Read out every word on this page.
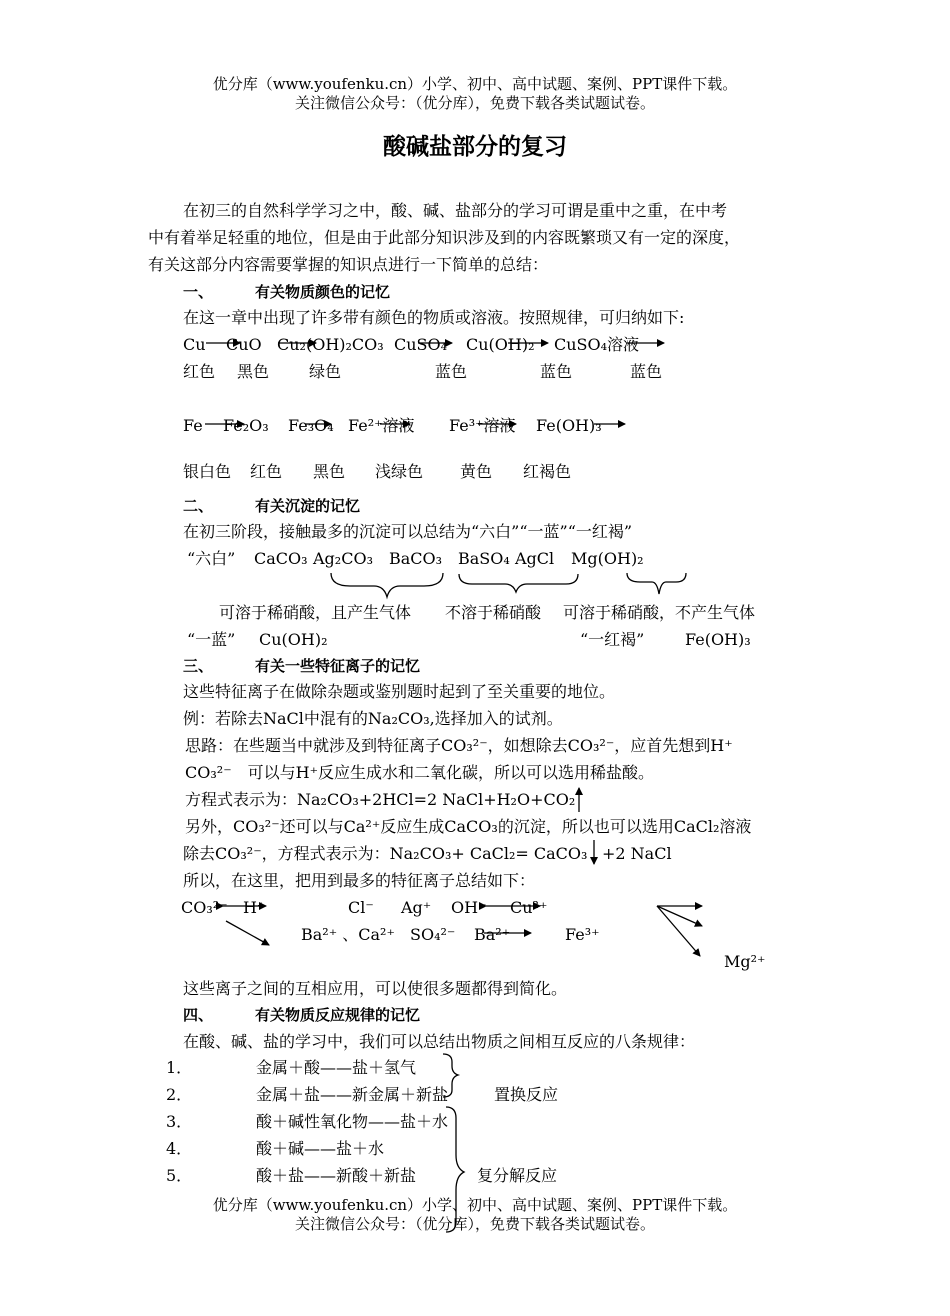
优分库（www.youfenku.cn）小学、初中、高中试题、案例、PPT课件下载。
关注微信公众号：（优分库），免费下载各类试题试卷。
酸碱盐部分的复习
在初三的自然科学学习之中，酸、碱、盐部分的学习可谓是重中之重，在中考
中有着举足轻重的地位，但是由于此部分知识涉及到的内容既繁琐又有一定的深度，
有关这部分内容需要掌握的知识点进行一下简单的总结：
一、	有关物质颜色的记忆
在这一章中出现了许多带有颜色的物质或溶液。按照规律，可归纳如下:
Cu CuO Cu₂(OH)₂CO₃ CuSO₄ Cu(OH)₂ CuSO₄溶液
红色 黑色 绿色	蓝色	蓝色	蓝色
Fe Fe₂O₃ Fe₃O₄ Fe²⁺溶液 Fe³⁺溶液 Fe(OH)₃
银白色 红色 黑色 浅绿色 黄色 红褐色
二、	有关沉淀的记忆
在初三阶段，接触最多的沉淀可以总结为“六白”“一蓝”“一红褐”
“六白” CaCO₃ Ag₂CO₃ BaCO₃ BaSO₄ AgCl Mg(OH)₂
可溶于稀硝酸，且产生气体 不溶于稀硝酸 可溶于稀硝酸，不产生气体
“一蓝” Cu(OH)₂	“一红褐”	Fe(OH)₃
三、	有关一些特征离子的记忆
这些特征离子在做除杂题或鉴别题时起到了至关重要的地位。
例：若除去NaCl中混有的Na₂CO₃,选择加入的试剂。
思路：在些题当中就涉及到特征离子CO₃²⁻，如想除去CO₃²⁻，应首先想到H⁺
CO₃²⁻　可以与H⁺反应生成水和二氧化碳，所以可以选用稀盐酸。
方程式表示为：Na₂CO₃+2HCl=2 NaCl+H₂O+CO₂
另外，CO₃²⁻还可以与Ca²⁺反应生成CaCO₃的沉淀，所以也可以选用CaCl₂溶液
除去CO₃²⁻，方程式表示为：Na₂CO₃+ CaCl₂= CaCO₃ +2 NaCl
所以，在这里，把用到最多的特征离子总结如下：
CO₃²⁻ H⁺	Cl⁻ Ag⁺ OH⁻ Cu²⁺
Ba²⁺ 、Ca²⁺ SO₄²⁻ Ba²⁺	Fe³⁺
Mg²⁺
这些离子之间的互相应用，可以使很多题都得到简化。
四、	有关物质反应规律的记忆
在酸、碱、盐的学习中，我们可以总结出物质之间相互反应的八条规律：
1．	金属＋酸——盐＋氢气
2．	金属＋盐——新金属＋新盐	置换反应
3．	酸＋碱性氧化物——盐＋水
4．	酸＋碱——盐＋水
5．	酸＋盐——新酸＋新盐	复分解反应
优分库（www.youfenku.cn）小学、初中、高中试题、案例、PPT课件下载。
关注微信公众号：（优分库），免费下载各类试题试卷。
